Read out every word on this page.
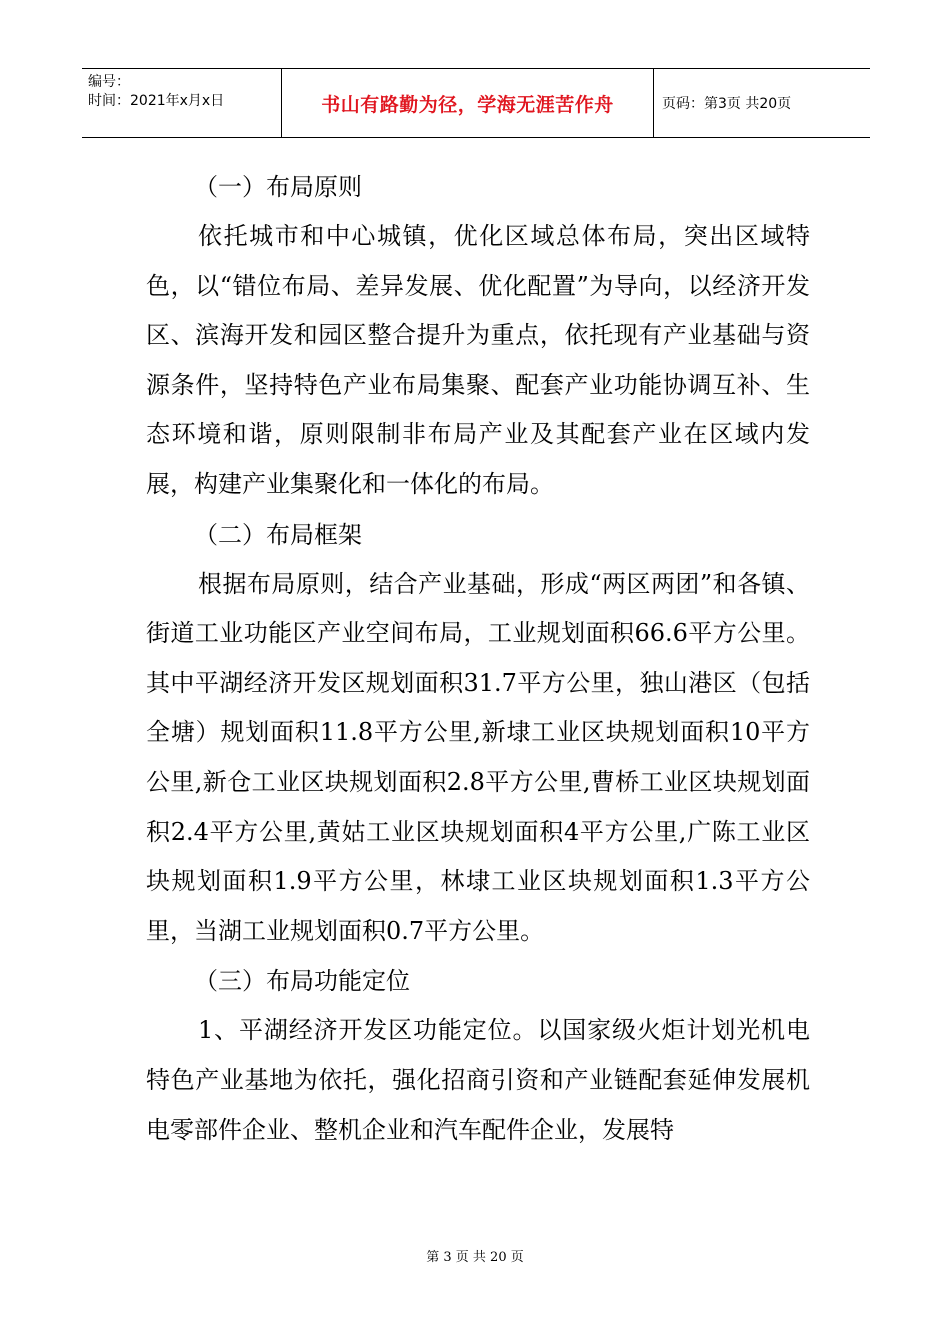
编号：
时间：2021年x月x日	书山有路勤为径，学海无涯苦作舟	页码：第3页 共20页
（一）布局原则

依托城市和中心城镇，优化区域总体布局，突出区域特色，以“错位布局、差异发展、优化配置”为导向，以经济开发区、滨海开发和园区整合提升为重点，依托现有产业基础与资源条件，坚持特色产业布局集聚、配套产业功能协调互补、生态环境和谐，原则限制非布局产业及其配套产业在区域内发展，构建产业集聚化和一体化的布局。

（二）布局框架

根据布局原则，结合产业基础，形成“两区两团”和各镇、街道工业功能区产业空间布局，工业规划面积66.6平方公里。其中平湖经济开发区规划面积31.7平方公里，独山港区（包括全塘）规划面积11.8平方公里,新埭工业区块规划面积10平方公里,新仓工业区块规划面积2.8平方公里,曹桥工业区块规划面积2.4平方公里,黄姑工业区块规划面积4平方公里,广陈工业区块规划面积1.9平方公里，林埭工业区块规划面积1.3平方公里，当湖工业规划面积0.7平方公里。

（三）布局功能定位

1、平湖经济开发区功能定位。以国家级火炬计划光机电特色产业基地为依托，强化招商引资和产业链配套延伸发展机电零部件企业、整机企业和汽车配件企业，发展特

第 3 页 共 20 页
